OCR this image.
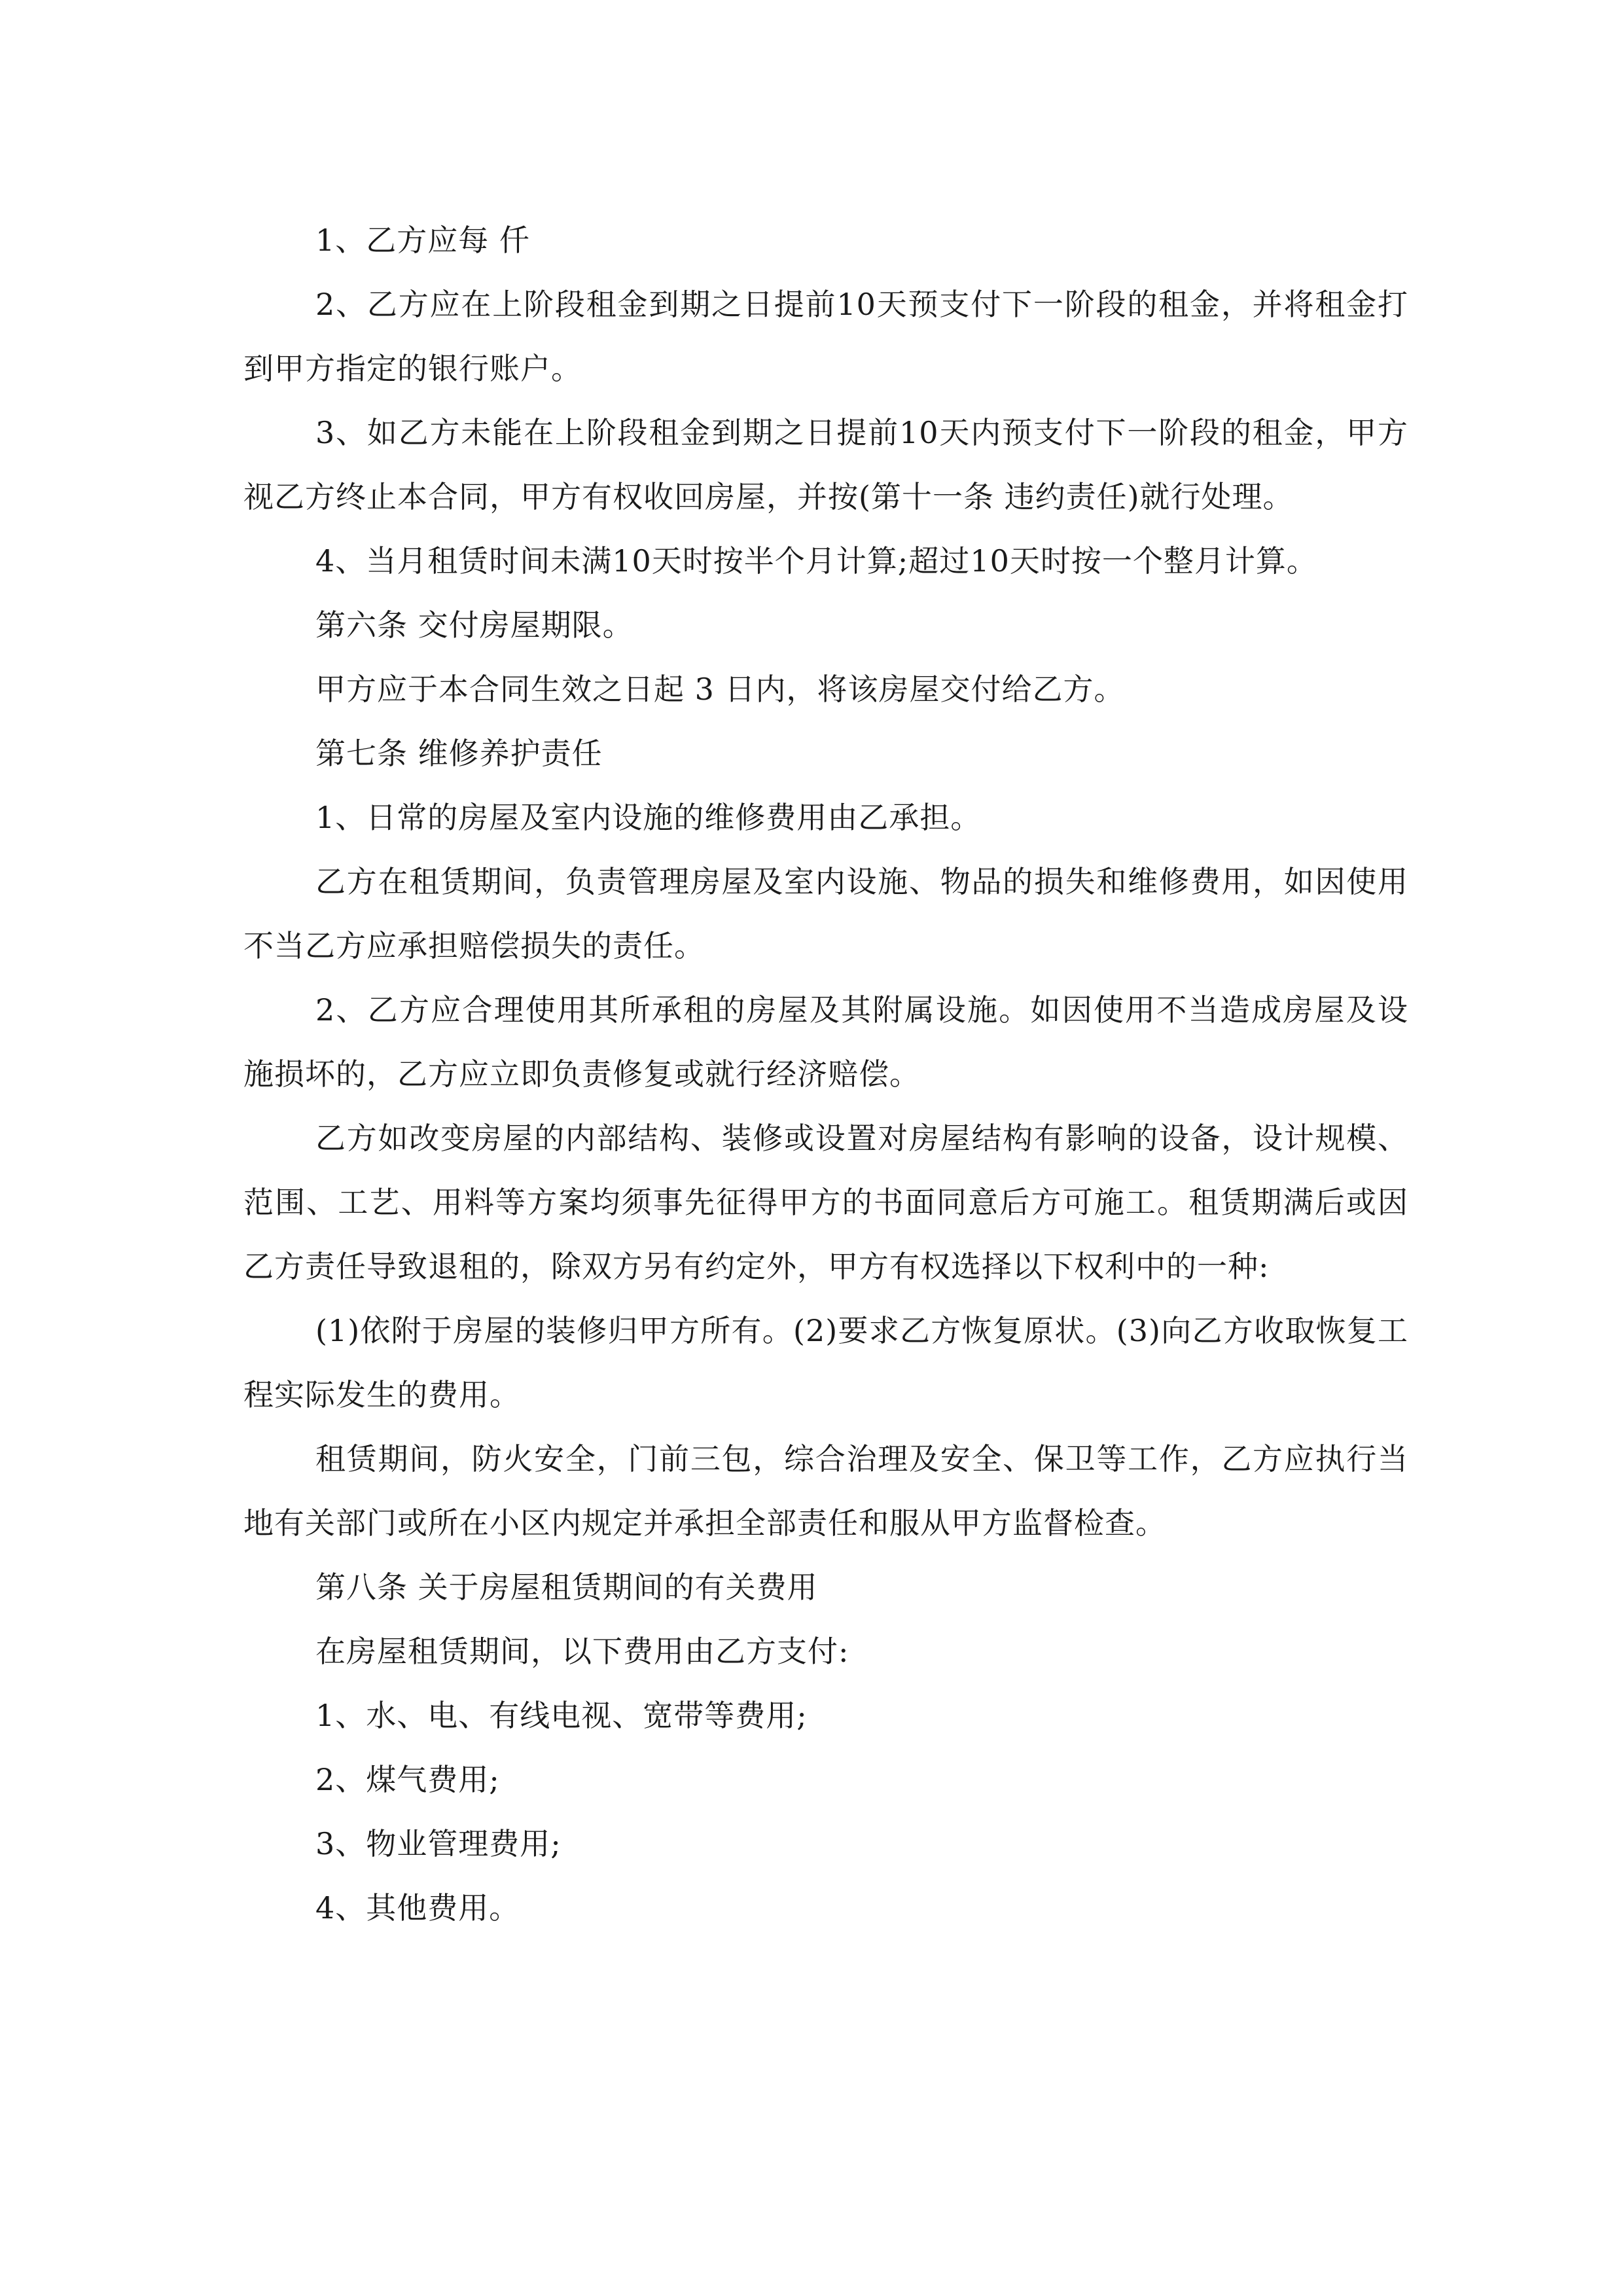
1、乙方应每 仟

2、乙方应在上阶段租金到期之日提前10天预支付下一阶段的租金，并将租金打到甲方指定的银行账户。

3、如乙方未能在上阶段租金到期之日提前10天内预支付下一阶段的租金，甲方视乙方终止本合同，甲方有权收回房屋，并按(第十一条 违约责任)就行处理。

4、当月租赁时间未满10天时按半个月计算;超过10天时按一个整月计算。

第六条 交付房屋期限。

甲方应于本合同生效之日起 3 日内，将该房屋交付给乙方。

第七条 维修养护责任

1、日常的房屋及室内设施的维修费用由乙承担。

乙方在租赁期间，负责管理房屋及室内设施、物品的损失和维修费用，如因使用不当乙方应承担赔偿损失的责任。

2、乙方应合理使用其所承租的房屋及其附属设施。如因使用不当造成房屋及设施损坏的，乙方应立即负责修复或就行经济赔偿。

乙方如改变房屋的内部结构、装修或设置对房屋结构有影响的设备，设计规模、范围、工艺、用料等方案均须事先征得甲方的书面同意后方可施工。租赁期满后或因乙方责任导致退租的，除双方另有约定外，甲方有权选择以下权利中的一种:

(1)依附于房屋的装修归甲方所有。(2)要求乙方恢复原状。(3)向乙方收取恢复工程实际发生的费用。

租赁期间，防火安全，门前三包，综合治理及安全、保卫等工作，乙方应执行当地有关部门或所在小区内规定并承担全部责任和服从甲方监督检查。

第八条 关于房屋租赁期间的有关费用

在房屋租赁期间，以下费用由乙方支付:

1、水、电、有线电视、宽带等费用;

2、煤气费用;

3、物业管理费用;

4、其他费用。
